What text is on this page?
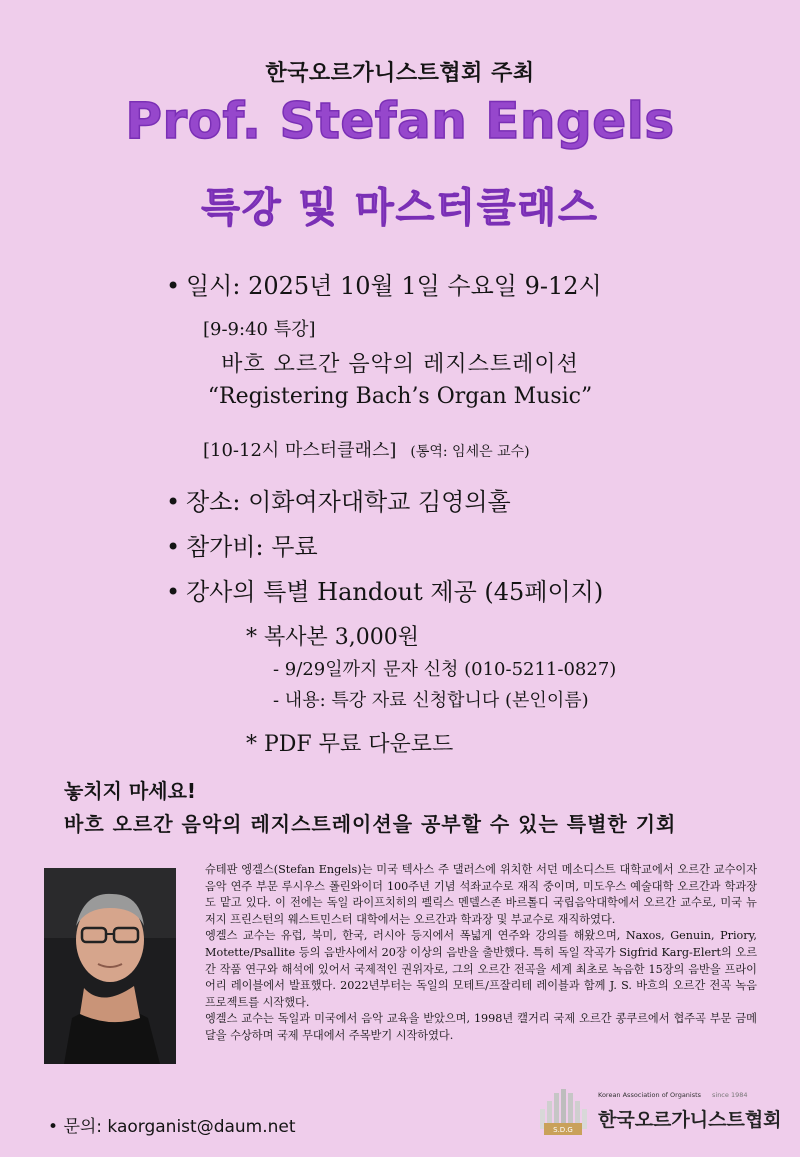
한국오르가니스트협회 주최
Prof. Stefan Engels
특강 및 마스터클래스
• 일시: 2025년 10월 1일 수요일 9-12시
[9-9:40 특강]
바흐 오르간 음악의 레지스트레이션
“Registering Bach’s Organ Music”
[10-12시 마스터클래스] (통역: 임세은 교수)
• 장소: 이화여자대학교 김영의홀
• 참가비: 무료
• 강사의 특별 Handout 제공 (45페이지)
* 복사본 3,000원
- 9/29일까지 문자 신청 (010-5211-0827)
- 내용: 특강 자료 신청합니다 (본인이름)
* PDF 무료 다운로드
놓치지 마세요!
바흐 오르간 음악의 레지스트레이션을 공부할 수 있는 특별한 기회

슈테판 엥겔스(Stefan Engels)는 미국 텍사스 주 댈러스에 위치한 서던 메소디스트 대학교에서 오르간 교수이자 음악 연주 부문 루시우스 폴린와이더 100주년 기념 석좌교수로 재직 중이며, 미도우스 예술대학 오르간과 학과장도 맡고 있다. 이 전에는 독일 라이프치히의 펠릭스 멘델스존 바르톨디 국립음악대학에서 오르간 교수로, 미국 뉴저지 프린스턴의 웨스트민스터 대학에서는 오르간과 학과장 및 부교수로 재직하였다.

엥겔스 교수는 유럽, 북미, 한국, 러시아 등지에서 폭넓게 연주와 강의를 해왔으며, Naxos, Genuin, Priory, Motette/Psallite 등의 음반사에서 20장 이상의 음반을 출반했다. 특히 독일 작곡가 Sigfrid Karg-Elert의 오르간 작품 연구와 해석에 있어서 국제적인 권위자로, 그의 오르간 전곡을 세계 최초로 녹음한 15장의 음반을 프라이어리 레이블에서 발표했다. 2022년부터는 독일의 모테트/프잘리테 레이블과 함께 J. S. 바흐의 오르간 전곡 녹음 프로젝트를 시작했다.

엥겔스 교수는 독일과 미국에서 음악 교육을 받았으며, 1998년 캘거리 국제 오르간 콩쿠르에서 협주곡 부문 금메달을 수상하며 국제 무대에서 주목받기 시작하였다.

• 문의: kaorganist@daum.net	S.D.G
Korean Association of Organists since 1984
한국오르가니스트협회
